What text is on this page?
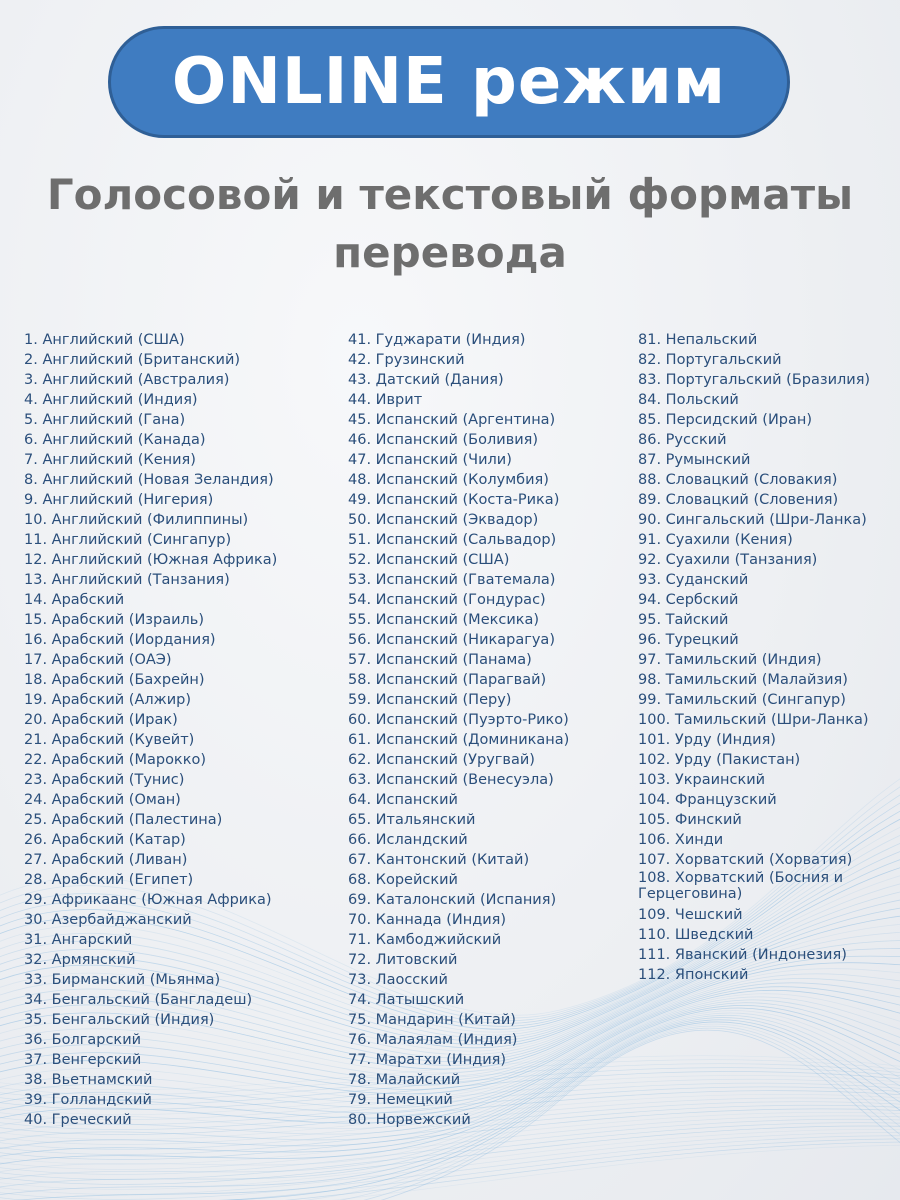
ONLINE режим
Голосовой и текстовый форматы
перевода
1. Английский (США)
2. Английский (Британский)
3. Английский (Австралия)
4. Английский (Индия)
5. Английский (Гана)
6. Английский (Канада)
7. Английский (Кения)
8. Английский (Новая Зеландия)
9. Английский (Нигерия)
10. Английский (Филиппины)
11. Английский (Сингапур)
12. Английский (Южная Африка)
13. Английский (Танзания)
14. Арабский
15. Арабский (Израиль)
16. Арабский (Иордания)
17. Арабский (ОАЭ)
18. Арабский (Бахрейн)
19. Арабский (Алжир)
20. Арабский (Ирак)
21. Арабский (Кувейт)
22. Арабский (Марокко)
23. Арабский (Тунис)
24. Арабский (Оман)
25. Арабский (Палестина)
26. Арабский (Катар)
27. Арабский (Ливан)
28. Арабский (Египет)
29. Африкаанс (Южная Африка)
30. Азербайджанский
31. Ангарский
32. Армянский
33. Бирманский (Мьянма)
34. Бенгальский (Бангладеш)
35. Бенгальский (Индия)
36. Болгарский
37. Венгерский
38. Вьетнамский
39. Голландский
40. Греческий
41. Гуджарати (Индия)
42. Грузинский
43. Датский (Дания)
44. Иврит
45. Испанский (Аргентина)
46. Испанский (Боливия)
47. Испанский (Чили)
48. Испанский (Колумбия)
49. Испанский (Коста-Рика)
50. Испанский (Эквадор)
51. Испанский (Сальвадор)
52. Испанский (США)
53. Испанский (Гватемала)
54. Испанский (Гондурас)
55. Испанский (Мексика)
56. Испанский (Никарагуа)
57. Испанский (Панама)
58. Испанский (Парагвай)
59. Испанский (Перу)
60. Испанский (Пуэрто-Рико)
61. Испанский (Доминикана)
62. Испанский (Уругвай)
63. Испанский (Венесуэла)
64. Испанский
65. Итальянский
66. Исландский
67. Кантонский (Китай)
68. Корейский
69. Каталонский (Испания)
70. Каннада (Индия)
71. Камбоджийский
72. Литовский
73. Лаосский
74. Латышский
75. Мандарин (Китай)
76. Малаялам (Индия)
77. Маратхи (Индия)
78. Малайский
79. Немецкий
80. Норвежский
81. Непальский
82. Португальский
83. Португальский (Бразилия)
84. Польский
85. Персидский (Иран)
86. Русский
87. Румынский
88. Словацкий (Словакия)
89. Словацкий (Словения)
90. Сингальский (Шри-Ланка)
91. Суахили (Кения)
92. Суахили (Танзания)
93. Суданский
94. Сербский
95. Тайский
96. Турецкий
97. Тамильский (Индия)
98. Тамильский (Малайзия)
99. Тамильский (Сингапур)
100. Тамильский (Шри-Ланка)
101. Урду (Индия)
102. Урду (Пакистан)
103. Украинский
104. Французский
105. Финский
106. Хинди
107. Хорватский (Хорватия)
108. Хорватский (Босния и Герцеговина)
109. Чешский
110. Шведский
111. Яванский (Индонезия)
112. Японский
